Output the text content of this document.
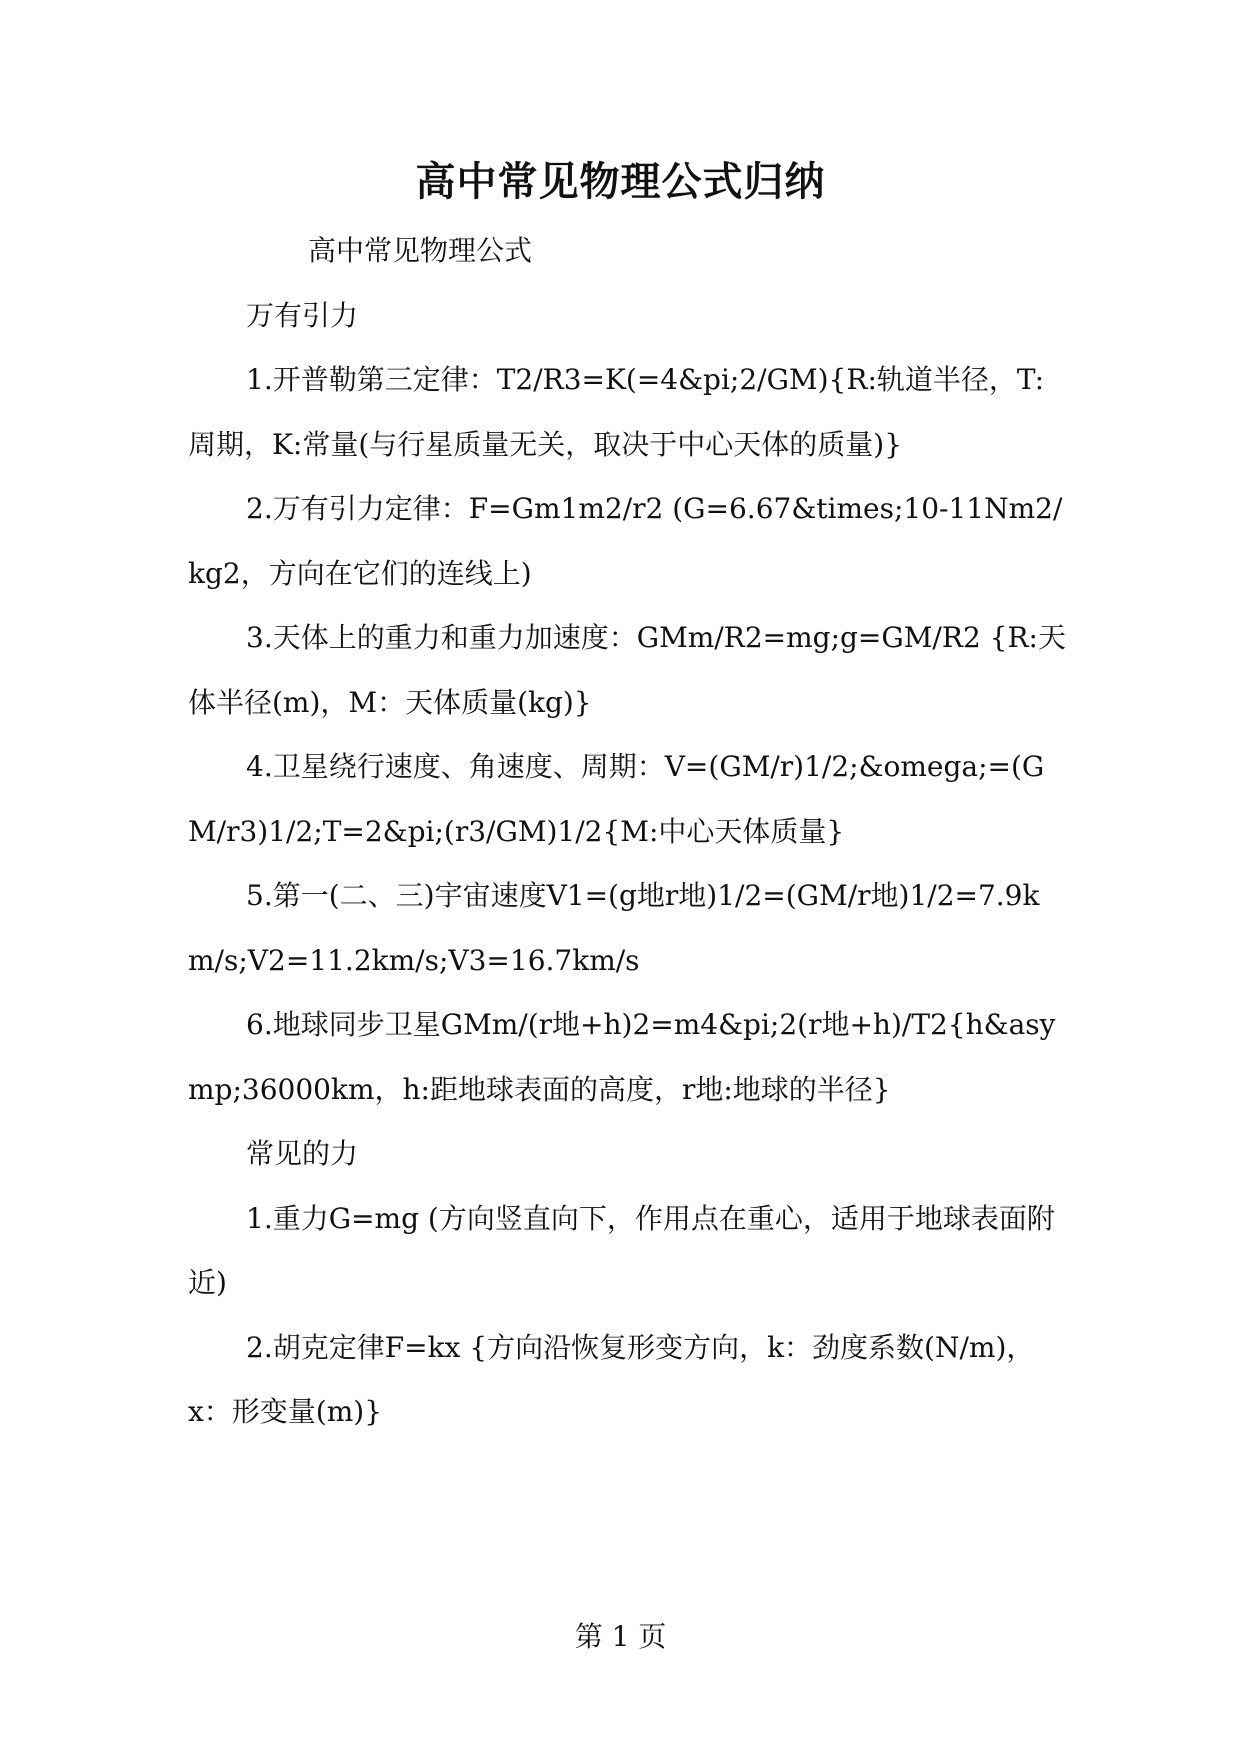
高中常见物理公式归纳

高中常见物理公式

万有引力

1.开普勒第三定律：T2/R3=K(=4&pi;2/GM){R:轨道半径，T:周期，K:常量(与行星质量无关，取决于中心天体的质量)}

2.万有引力定律：F=Gm1m2/r2 (G=6.67&times;10-11Nm2/kg2，方向在它们的连线上)

3.天体上的重力和重力加速度：GMm/R2=mg;g=GM/R2 {R:天体半径(m)，M：天体质量(kg)}

4.卫星绕行速度、角速度、周期：V=(GM/r)1/2;&omega;=(GM/r3)1/2;T=2&pi;(r3/GM)1/2{M:中心天体质量}

5.第一(二、三)宇宙速度V1=(g地r地)1/2=(GM/r地)1/2=7.9km/s;V2=11.2km/s;V3=16.7km/s

6.地球同步卫星GMm/(r地+h)2=m4&pi;2(r地+h)/T2{h&asymp;36000km，h:距地球表面的高度，r地:地球的半径}

常见的力

1.重力G=mg (方向竖直向下，作用点在重心，适用于地球表面附近)

2.胡克定律F=kx {方向沿恢复形变方向，k：劲度系数(N/m)，x：形变量(m)}

第 1 页
